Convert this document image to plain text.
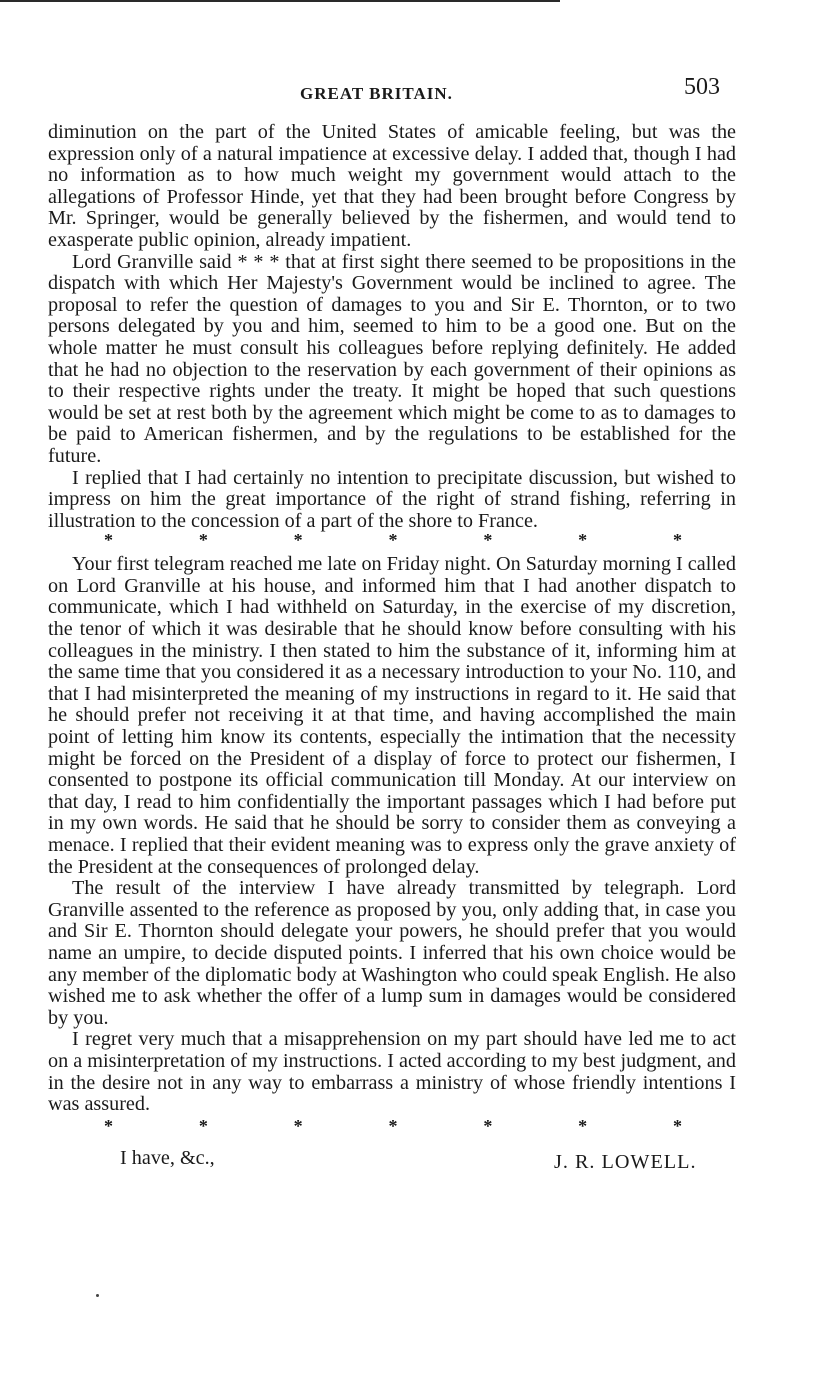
GREAT BRITAIN.	503

diminution on the part of the United States of amicable feeling, but was the expression only of a natural impatience at excessive delay. I added that, though I had no information as to how much weight my government would attach to the allegations of Professor Hinde, yet that they had been brought before Congress by Mr. Springer, would be generally believed by the fishermen, and would tend to exasperate public opinion, already impatient.

Lord Granville said * * * that at first sight there seemed to be propositions in the dispatch with which Her Majesty's Government would be inclined to agree. The proposal to refer the question of damages to you and Sir E. Thornton, or to two persons delegated by you and him, seemed to him to be a good one. But on the whole matter he must consult his colleagues before replying definitely. He added that he had no objection to the reservation by each government of their opinions as to their respective rights under the treaty. It might be hoped that such questions would be set at rest both by the agreement which might be come to as to damages to be paid to American fishermen, and by the regulations to be established for the future.

I replied that I had certainly no intention to precipitate discussion, but wished to impress on him the great importance of the right of strand fishing, referring in illustration to the concession of a part of the shore to France.

*	*	*	*	*	*	*

Your first telegram reached me late on Friday night. On Saturday morning I called on Lord Granville at his house, and informed him that I had another dispatch to communicate, which I had withheld on Saturday, in the exercise of my discretion, the tenor of which it was desirable that he should know before consulting with his colleagues in the ministry. I then stated to him the substance of it, informing him at the same time that you considered it as a necessary introduction to your No. 110, and that I had misinterpreted the meaning of my instructions in regard to it. He said that he should prefer not receiving it at that time, and having accomplished the main point of letting him know its contents, especially the intimation that the necessity might be forced on the President of a display of force to protect our fishermen, I consented to postpone its official communication till Monday. At our interview on that day, I read to him confidentially the important passages which I had before put in my own words. He said that he should be sorry to consider them as conveying a menace. I replied that their evident meaning was to express only the grave anxiety of the President at the consequences of prolonged delay.

The result of the interview I have already transmitted by telegraph. Lord Granville assented to the reference as proposed by you, only adding that, in case you and Sir E. Thornton should delegate your powers, he should prefer that you would name an umpire, to decide disputed points. I inferred that his own choice would be any member of the diplomatic body at Washington who could speak English. He also wished me to ask whether the offer of a lump sum in damages would be considered by you.

I regret very much that a misapprehension on my part should have led me to act on a misinterpretation of my instructions. I acted according to my best judgment, and in the desire not in any way to embarrass a ministry of whose friendly intentions I was assured.

*	*	*	*	*	*	*
I have, &c.,	J. R. LOWELL.
